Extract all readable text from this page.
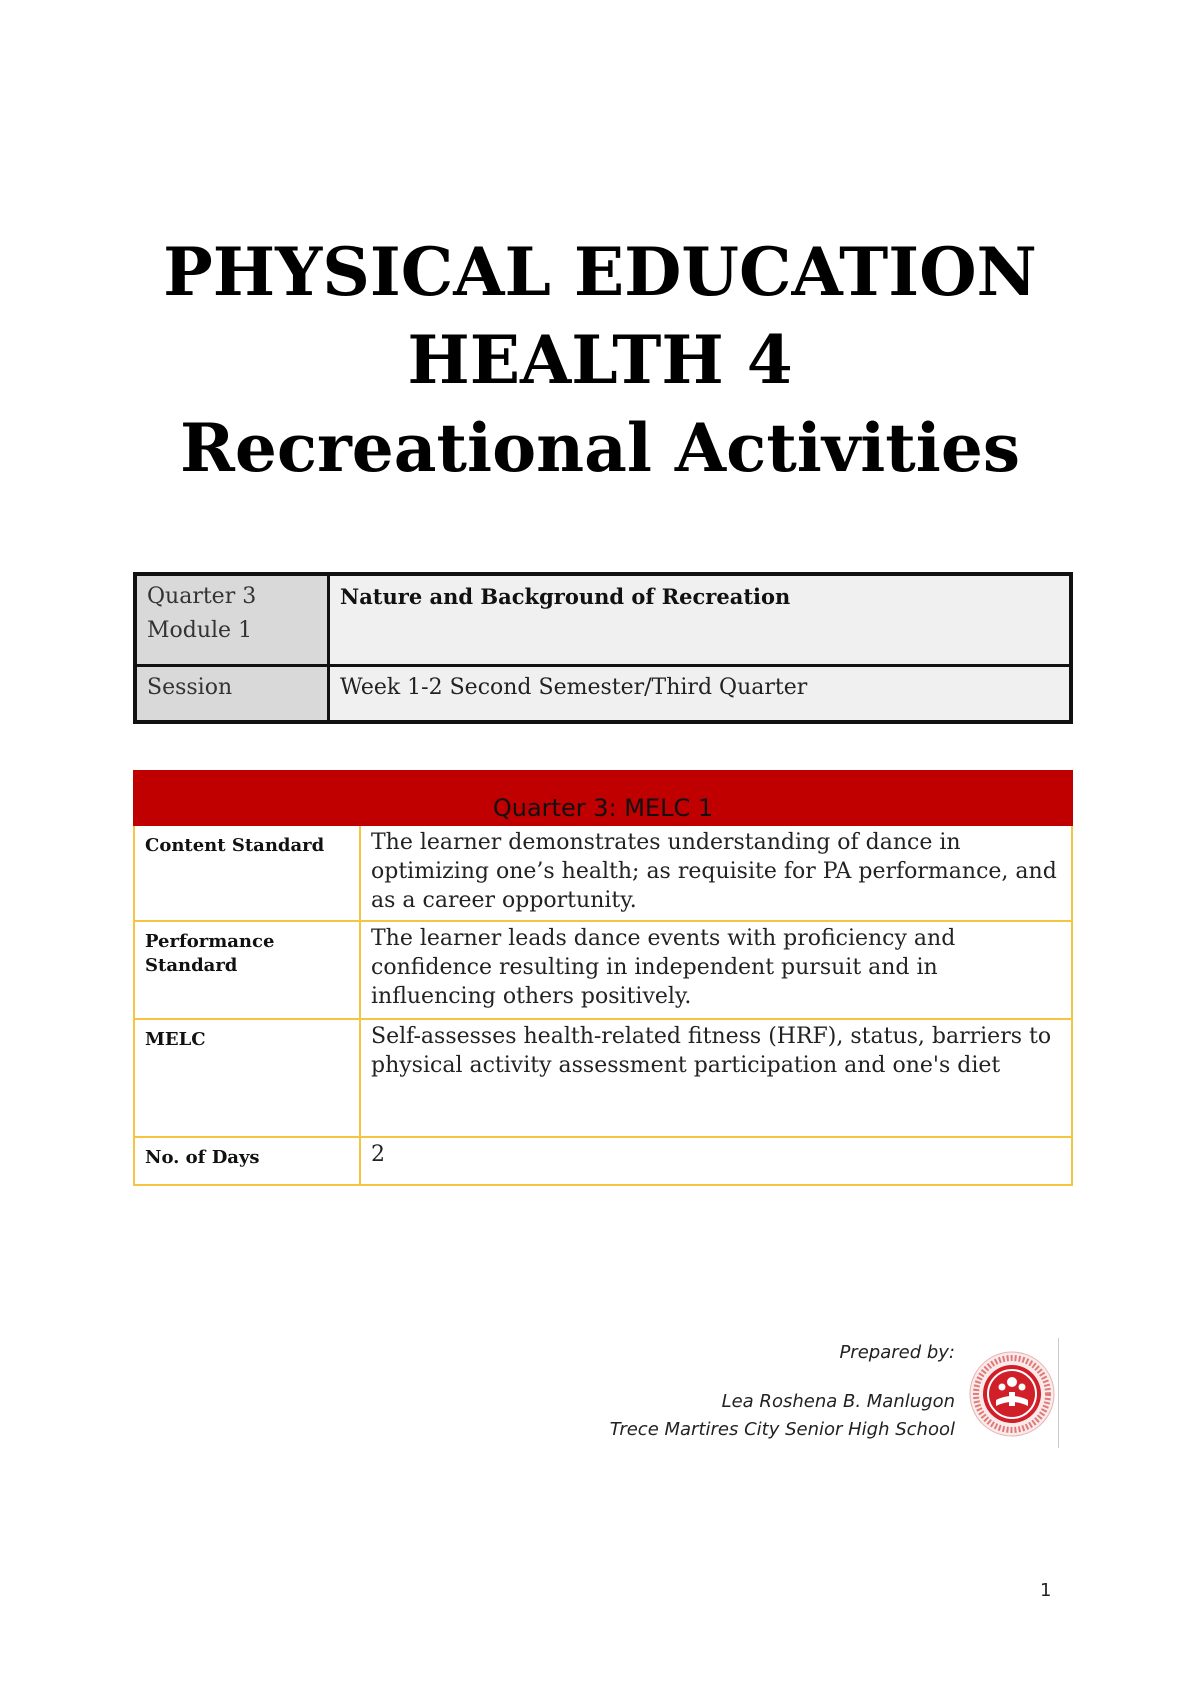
PHYSICAL EDUCATION
HEALTH 4
Recreational Activities
Quarter 3
Module 1	Nature and Background of Recreation
Session	Week 1-2 Second Semester/Third Quarter
Quarter 3: MELC 1	
Content Standard	The learner demonstrates understanding of dance in optimizing one’s health; as requisite for PA performance, and as a career opportunity.
Performance Standard	The learner leads dance events with proficiency and confidence resulting in independent pursuit and in influencing others positively.
MELC	Self-assesses health-related fitness (HRF), status, barriers to physical activity assessment participation and one's diet
No. of Days	2
Prepared by:
Lea Roshena B. Manlugon
Trece Martires City Senior High School
1
